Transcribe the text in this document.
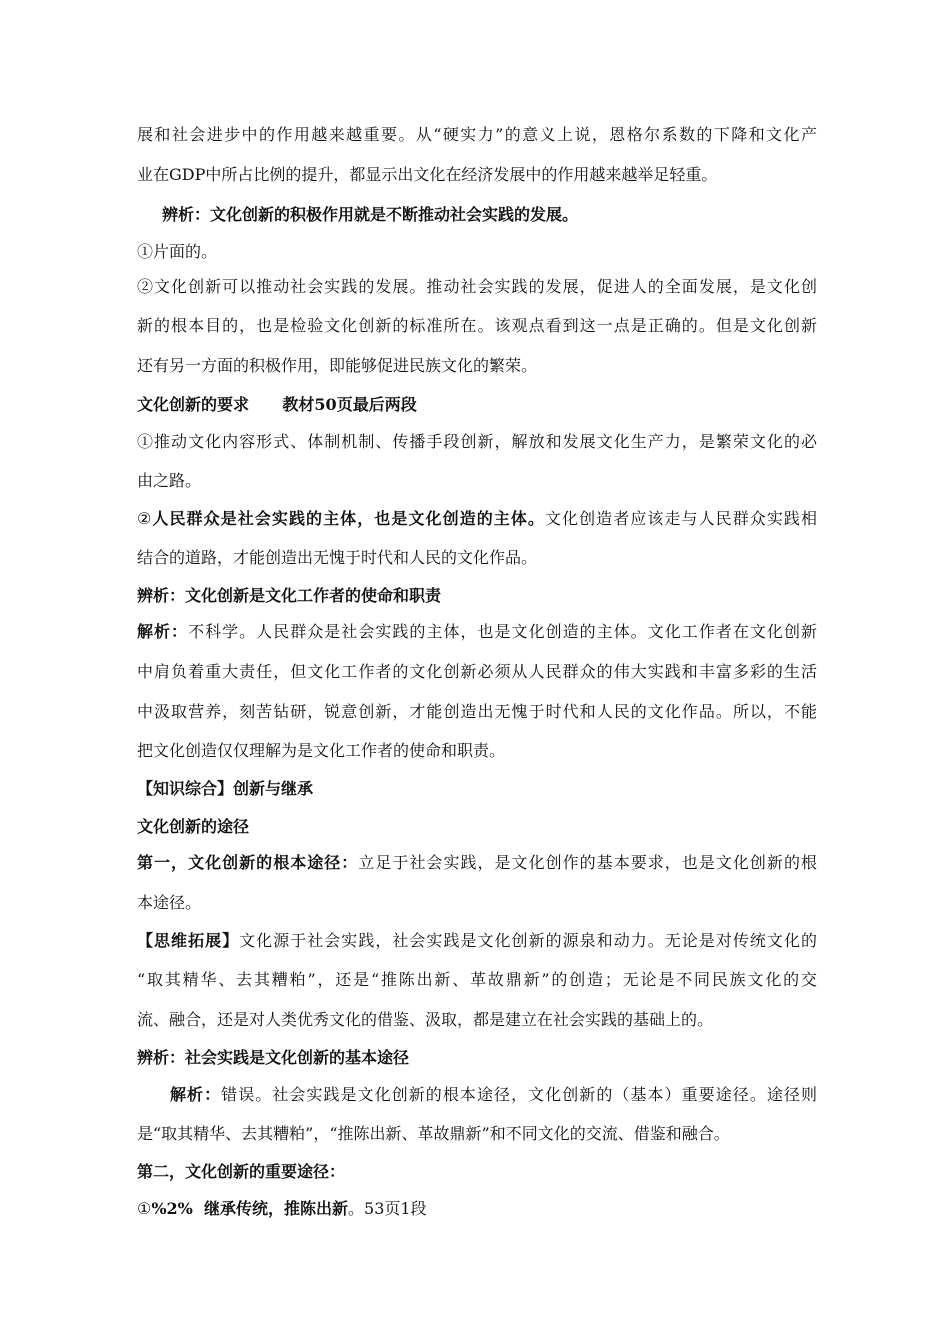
展和社会进步中的作用越来越重要。从“硬实力”的意义上说，恩格尔系数的下降和文化产
业在GDP中所占比例的提升，都显示出文化在经济发展中的作用越来越举足轻重。
辨析：文化创新的积极作用就是不断推动社会实践的发展。
①片面的。
②文化创新可以推动社会实践的发展。推动社会实践的发展，促进人的全面发展，是文化创
新的根本目的，也是检验文化创新的标准所在。该观点看到这一点是正确的。但是文化创新
还有另一方面的积极作用，即能够促进民族文化的繁荣。
文化创新的要求      教材50页最后两段
①推动文化内容形式、体制机制、传播手段创新，解放和发展文化生产力，是繁荣文化的必
由之路。
②人民群众是社会实践的主体，也是文化创造的主体。文化创造者应该走与人民群众实践相
结合的道路，才能创造出无愧于时代和人民的文化作品。
辨析：文化创新是文化工作者的使命和职责
解析：不科学。人民群众是社会实践的主体，也是文化创造的主体。文化工作者在文化创新
中肩负着重大责任，但文化工作者的文化创新必须从人民群众的伟大实践和丰富多彩的生活
中汲取营养，刻苦钻研，锐意创新，才能创造出无愧于时代和人民的文化作品。所以，不能
把文化创造仅仅理解为是文化工作者的使命和职责。
【知识综合】创新与继承
文化创新的途径
第一，文化创新的根本途径：立足于社会实践，是文化创作的基本要求，也是文化创新的根
本途径。
【思维拓展】文化源于社会实践，社会实践是文化创新的源泉和动力。无论是对传统文化的
“取其精华、去其糟粕”，还是“推陈出新、革故鼎新”的创造；无论是不同民族文化的交
流、融合，还是对人类优秀文化的借鉴、汲取，都是建立在社会实践的基础上的。
辨析：社会实践是文化创新的基本途径
解析：错误。社会实践是文化创新的根本途径，文化创新的（基本）重要途径。途径则
是“取其精华、去其糟粕”，“推陈出新、革故鼎新”和不同文化的交流、借鉴和融合。
第二，文化创新的重要途径：
①%2%  继承传统，推陈出新。53页1段
